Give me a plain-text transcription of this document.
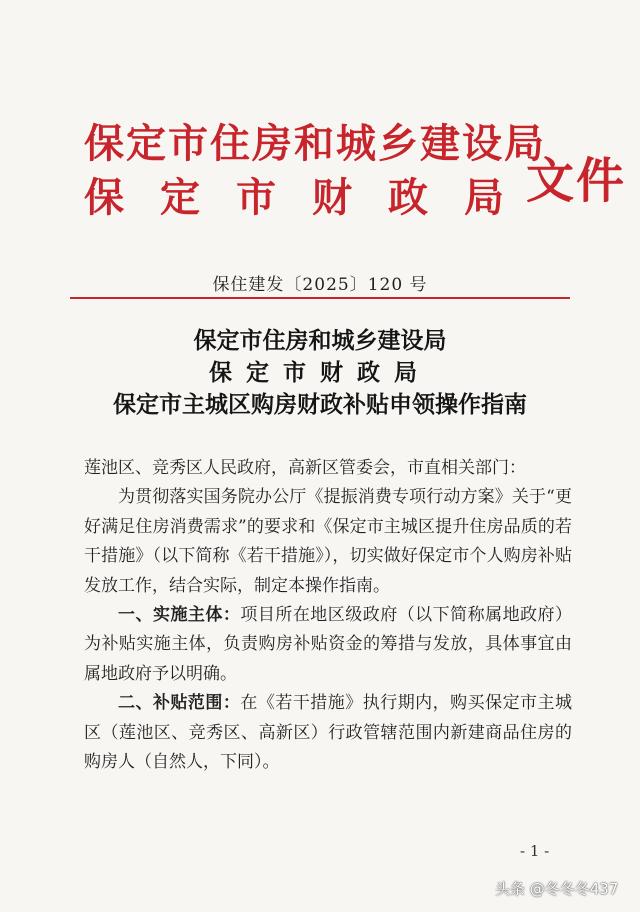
保定市住房和城乡建设局
保定市财政局
文件
保住建发〔2025〕120 号
保定市住房和城乡建设局
保定市财政局
保定市主城区购房财政补贴申领操作指南

莲池区、竞秀区人民政府，高新区管委会，市直相关部门：

为贯彻落实国务院办公厅《提振消费专项行动方案》关于“更好满足住房消费需求”的要求和《保定市主城区提升住房品质的若干措施》（以下简称《若干措施》），切实做好保定市个人购房补贴发放工作，结合实际，制定本操作指南。

一、实施主体：项目所在地区级政府（以下简称属地政府）为补贴实施主体，负责购房补贴资金的筹措与发放，具体事宜由属地政府予以明确。

二、补贴范围：在《若干措施》执行期内，购买保定市主城区（莲池区、竞秀区、高新区）行政管辖范围内新建商品住房的购房人（自然人，下同）。

- 1 -
头条 @冬冬冬437
